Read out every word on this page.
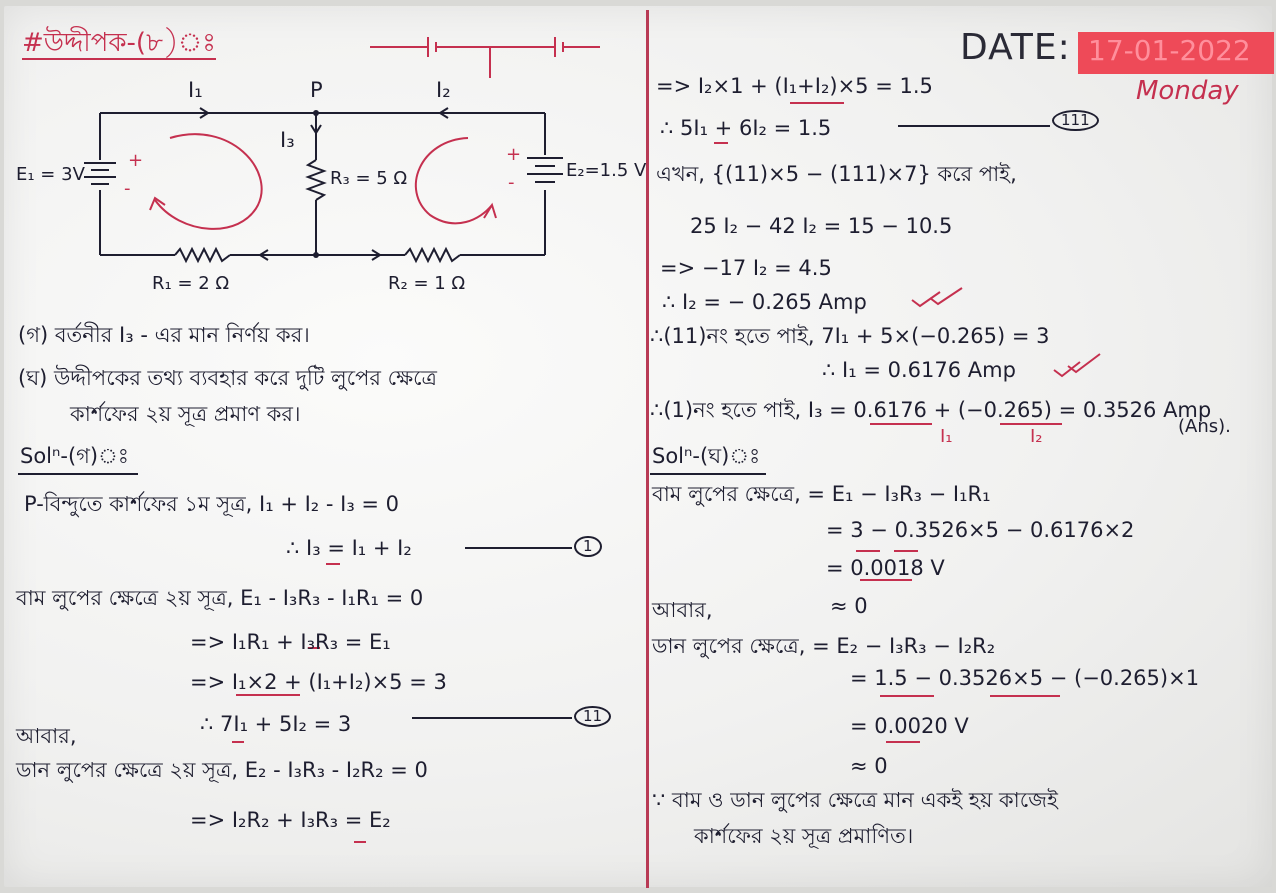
#উদ্দীপক-(৮)ঃ	DATE: 17-01-2022
Monday
I₁	P	I₂
I₃
E₁ = 3V
+
-
E₂=1.5 V
+
-
R₃ = 5 Ω
R₁ = 2 Ω	R₂ = 1 Ω
(গ) বর্তনীর I₃ - এর মান নির্ণয় কর।
(ঘ) উদ্দীপকের তথ্য ব্যবহার করে দুটি লুপের ক্ষেত্রে
কার্শফের ২য় সূত্র প্রমাণ কর।
Solⁿ-(গ)ঃ
P-বিন্দুতে কার্শফের ১ম সূত্র, I₁ + I₂ - I₃ = 0
∴ I₃ = I₁ + I₂	1
বাম লুপের ক্ষেত্রে ২য় সূত্র, E₁ - I₃R₃ - I₁R₁ = 0
=> I₁R₁ + I₃R₃ = E₁
=> I₁×2 + (I₁+I₂)×5 = 3
∴ 7I₁ + 5I₂ = 3	11
আবার,
ডান লুপের ক্ষেত্রে ২য় সূত্র, E₂ - I₃R₃ - I₂R₂ = 0
=> I₂R₂ + I₃R₃ = E₂
=> I₂×1 + (I₁+I₂)×5 = 1.5
∴ 5I₁ + 6I₂ = 1.5	111
এখন, {(11)×5 − (111)×7} করে পাই,
25 I₂ − 42 I₂ = 15 − 10.5
=> −17 I₂ = 4.5
∴ I₂ = − 0.265 Amp
∴(11)নং হতে পাই, 7I₁ + 5×(−0.265) = 3
∴ I₁ = 0.6176 Amp
∴(1)নং হতে পাই, I₃ = 0.6176 + (−0.265) = 0.3526 Amp
(Ans).
I₁	I₂
Solⁿ-(ঘ)ঃ
বাম লুপের ক্ষেত্রে, = E₁ − I₃R₃ − I₁R₁
= 3 − 0.3526×5 − 0.6176×2
= 0.0018 V
আবার,	≈ 0
ডান লুপের ক্ষেত্রে, = E₂ − I₃R₃ − I₂R₂
= 1.5 − 0.3526×5 − (−0.265)×1
= 0.0020 V
≈ 0
∵ বাম ও ডান লুপের ক্ষেত্রে মান একই হয় কাজেই
কার্শফের ২য় সূত্র প্রমাণিত।
